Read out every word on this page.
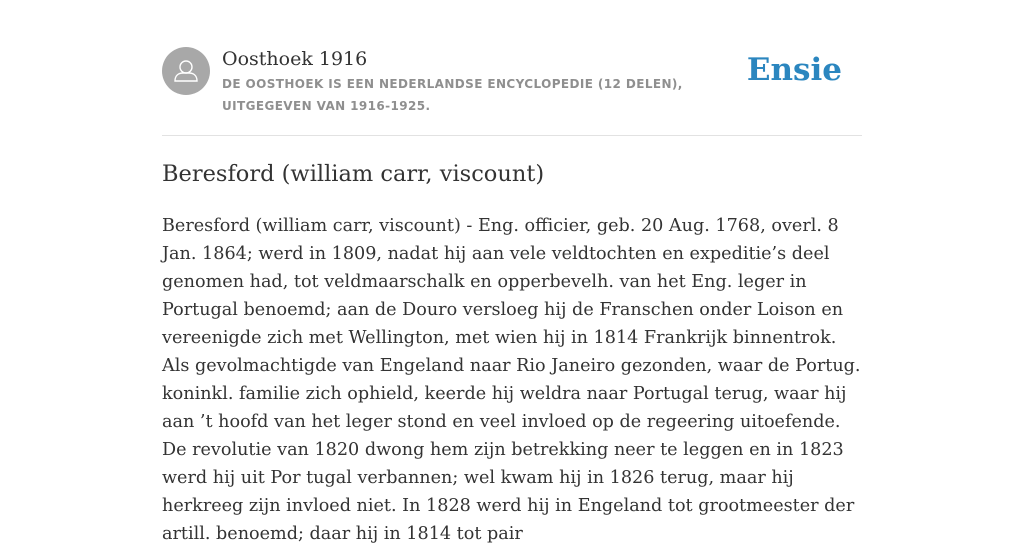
Oosthoek 1916
DE OOSTHOEK IS EEN NEDERLANDSE ENCYCLOPEDIE (12 DELEN), UITGEGEVEN VAN 1916-1925.
Ensie
Beresford (william carr, viscount)

Beresford (william carr, viscount) - Eng. officier, geb. 20 Aug. 1768, overl. 8 Jan. 1864; werd in 1809, nadat hij aan vele veldtochten en expeditie’s deel genomen had, tot veldmaarschalk en opperbevelh. van het Eng. leger in Portugal benoemd; aan de Douro versloeg hij de Franschen onder Loison en vereenigde zich met Wellington, met wien hij in 1814 Frankrijk binnentrok. Als gevolmachtigde van Engeland naar Rio Janeiro gezonden, waar de Portug. koninkl. familie zich ophield, keerde hij weldra naar Portugal terug, waar hij aan ’t hoofd van het leger stond en veel invloed op de regeering uitoefende. De revolutie van 1820 dwong hem zijn betrekking neer te leggen en in 1823 werd hij uit Por tugal verbannen; wel kwam hij in 1826 terug, maar hij herkreeg zijn invloed niet. In 1828 werd hij in Engeland tot grootmeester der artill. benoemd; daar hij in 1814 tot pair
